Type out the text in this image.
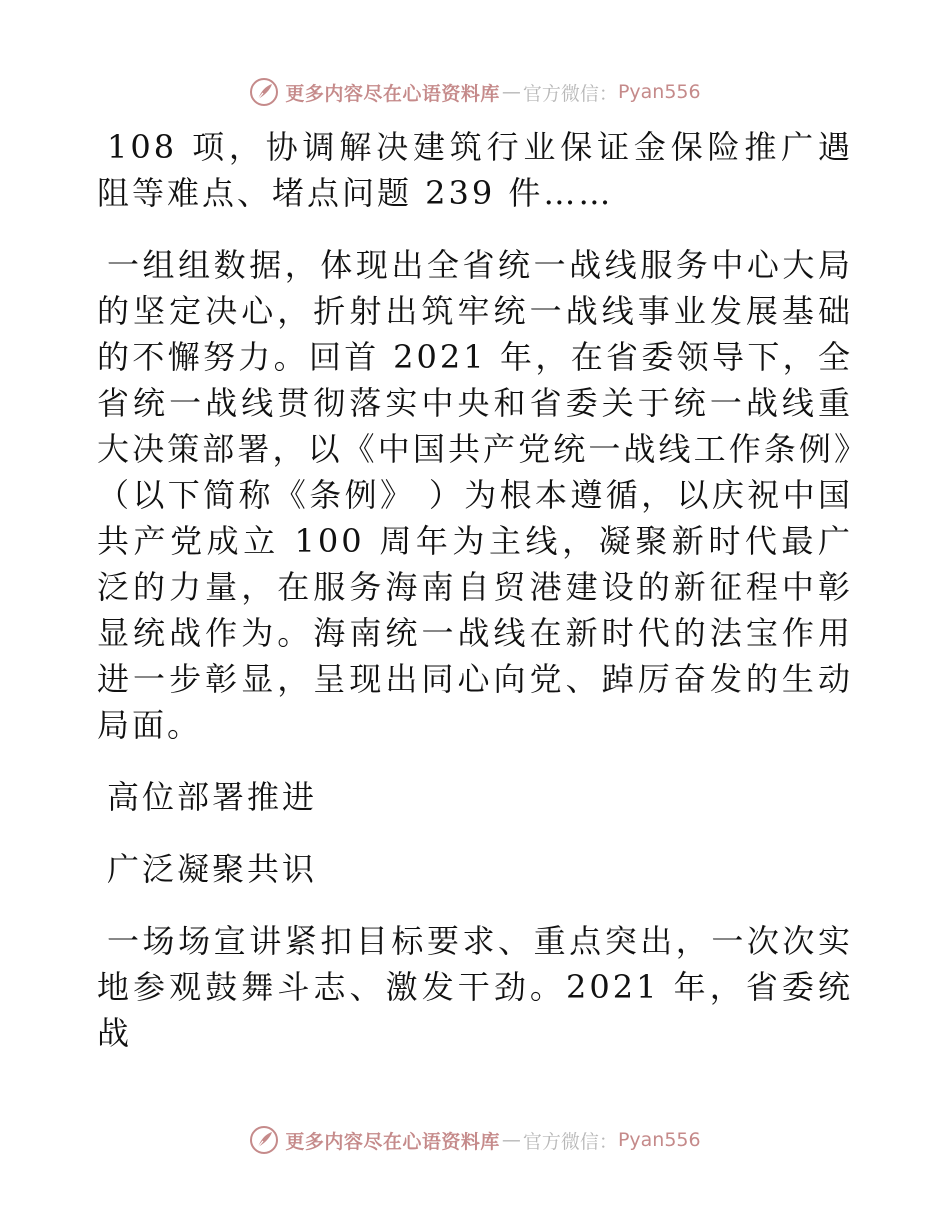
更多内容尽在心语资料库 — 官方微信： Pyan556

108 项，协调解决建筑行业保证金保险推广遇阻等难点、堵点问题 239 件……

一组组数据，体现出全省统一战线服务中心大局的坚定决心，折射出筑牢统一战线事业发展基础的不懈努力。回首 2021 年，在省委领导下，全省统一战线贯彻落实中央和省委关于统一战线重大决策部署，以《中国共产党统一战线工作条例》（以下简称《条例》 ）为根本遵循，以庆祝中国共产党成立 100 周年为主线，凝聚新时代最广泛的力量，在服务海南自贸港建设的新征程中彰显统战作为。海南统一战线在新时代的法宝作用进一步彰显，呈现出同心向党、踔厉奋发的生动局面。

高位部署推进

广泛凝聚共识

一场场宣讲紧扣目标要求、重点突出，一次次实地参观鼓舞斗志、激发干劲。2021 年，省委统战

更多内容尽在心语资料库 — 官方微信： Pyan556
